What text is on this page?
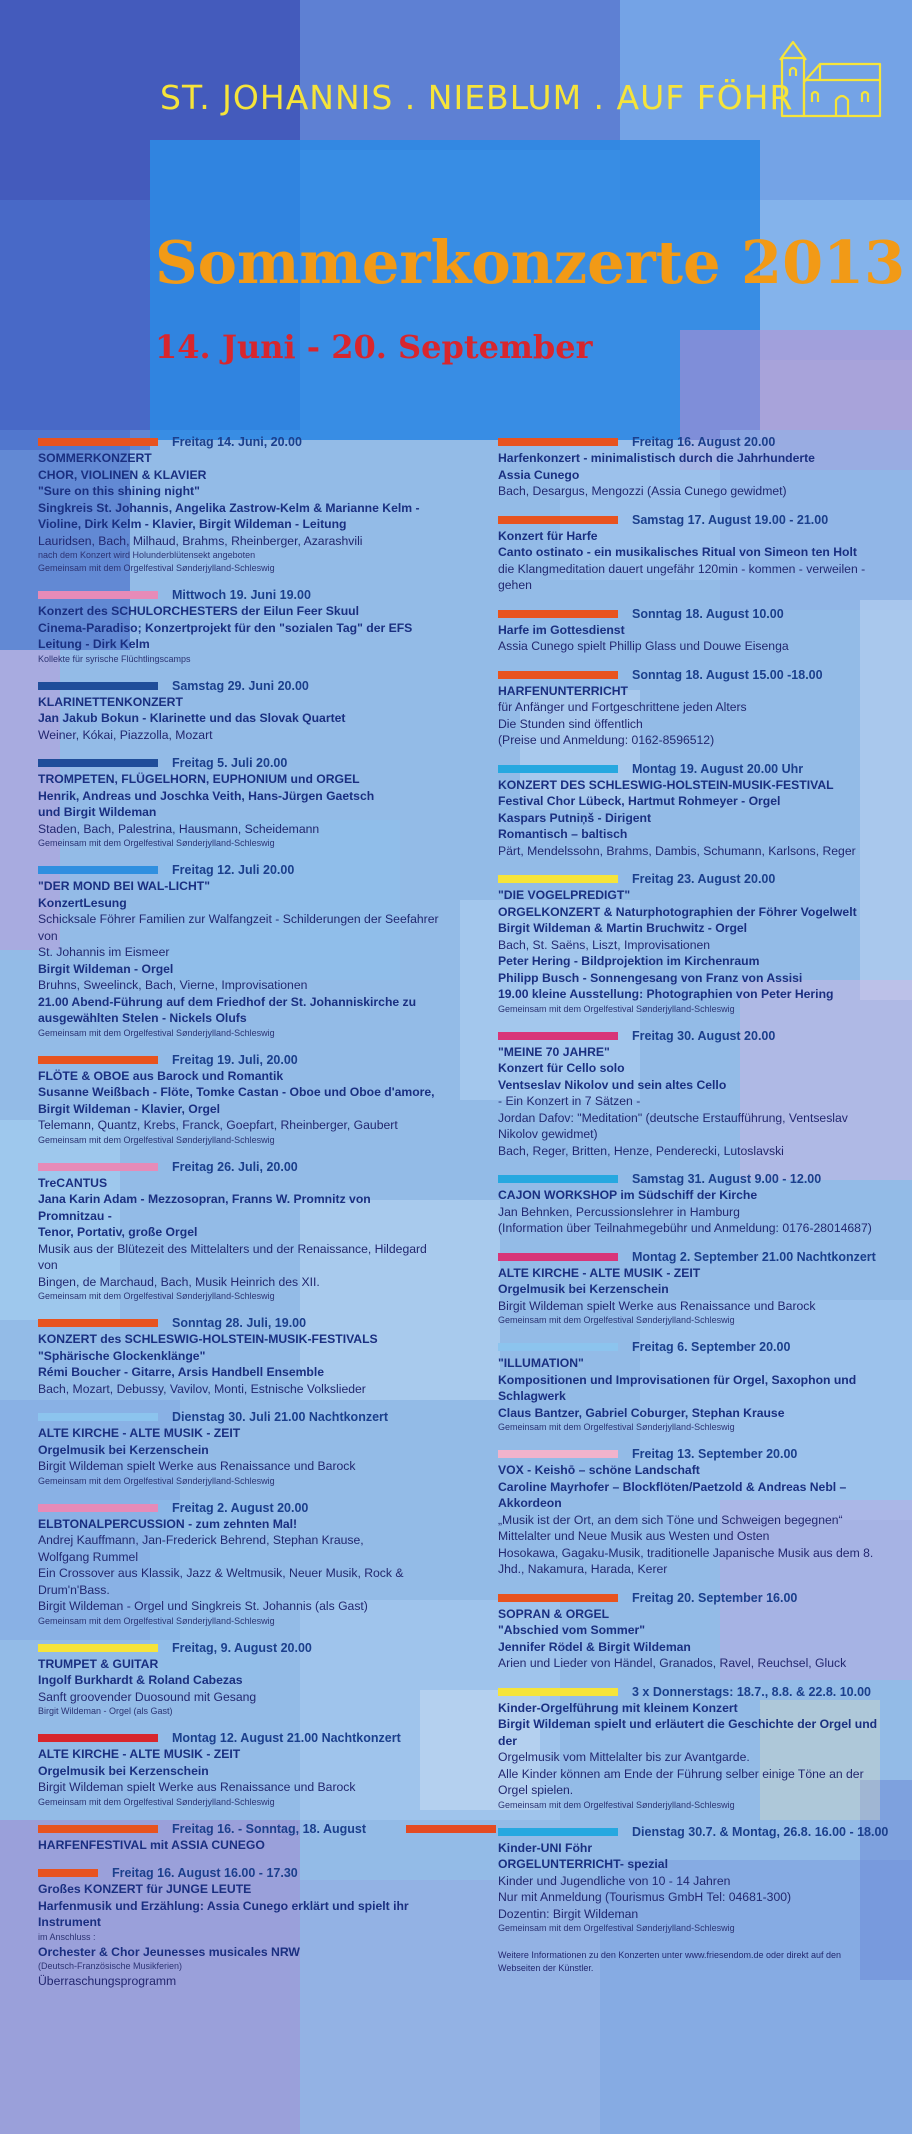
ST. JOHANNIS . NIEBLUM . AUF FÖHR
Sommerkonzerte 2013
14. Juni - 20. September
Freitag 14. Juni, 20.00
SOMMERKONZERT
CHOR, VIOLINEN & KLAVIER
"Sure on this shining night"
Singkreis St. Johannis, Angelika Zastrow-Kelm & Marianne Kelm -
Violine, Dirk Kelm - Klavier, Birgit Wildeman - Leitung
Lauridsen, Bach, Milhaud, Brahms, Rheinberger, Azarashvili
nach dem Konzert wird Holunderblütensekt angeboten
Gemeinsam mit dem Orgelfestival Sønderjylland-Schleswig
Mittwoch 19. Juni 19.00
Konzert des SCHULORCHESTERS der Eilun Feer Skuul
Cinema-Paradiso; Konzertprojekt für den "sozialen Tag" der EFS
Leitung - Dirk Kelm
Kollekte für syrische Flüchtlingscamps
Samstag 29. Juni 20.00
KLARINETTENKONZERT
Jan Jakub Bokun - Klarinette und das Slovak Quartet
Weiner, Kókai, Piazzolla, Mozart
Freitag 5. Juli 20.00
TROMPETEN, FLÜGELHORN, EUPHONIUM und ORGEL
Henrik, Andreas und Joschka Veith, Hans-Jürgen Gaetsch
und Birgit Wildeman
Staden, Bach, Palestrina, Hausmann, Scheidemann
Gemeinsam mit dem Orgelfestival Sønderjylland-Schleswig
Freitag 12. Juli 20.00
"DER MOND BEI WAL-LICHT"
KonzertLesung
Schicksale Föhrer Familien zur Walfangzeit - Schilderungen der Seefahrer von
St. Johannis im Eismeer
Birgit Wildeman - Orgel
Bruhns, Sweelinck, Bach, Vierne, Improvisationen
21.00 Abend-Führung auf dem Friedhof der St. Johanniskirche zu
ausgewählten Stelen - Nickels Olufs
Gemeinsam mit dem Orgelfestival Sønderjylland-Schleswig
Freitag 19. Juli, 20.00
FLÖTE & OBOE aus Barock und Romantik
Susanne Weißbach - Flöte, Tomke Castan - Oboe und Oboe d'amore,
Birgit Wildeman - Klavier, Orgel
Telemann, Quantz, Krebs, Franck, Goepfart, Rheinberger, Gaubert
Gemeinsam mit dem Orgelfestival Sønderjylland-Schleswig
Freitag 26. Juli, 20.00
TreCANTUS
Jana Karin Adam - Mezzosopran, Franns W. Promnitz von Promnitzau -
Tenor, Portativ, große Orgel
Musik aus der Blütezeit des Mittelalters und der Renaissance, Hildegard von
Bingen, de Marchaud, Bach, Musik Heinrich des XII.
Gemeinsam mit dem Orgelfestival Sønderjylland-Schleswig
Sonntag 28. Juli, 19.00
KONZERT des SCHLESWIG-HOLSTEIN-MUSIK-FESTIVALS
"Sphärische Glockenklänge"
Rémi Boucher - Gitarre, Arsis Handbell Ensemble
Bach, Mozart, Debussy, Vavilov, Monti, Estnische Volkslieder
Dienstag 30. Juli 21.00 Nachtkonzert
ALTE KIRCHE - ALTE MUSIK - ZEIT
Orgelmusik bei Kerzenschein
Birgit Wildeman spielt Werke aus Renaissance und Barock
Gemeinsam mit dem Orgelfestival Sønderjylland-Schleswig
Freitag 2. August 20.00
ELBTONALPERCUSSION - zum zehnten Mal!
Andrej Kauffmann, Jan-Frederick Behrend, Stephan Krause,
Wolfgang Rummel
Ein Crossover aus Klassik, Jazz & Weltmusik, Neuer Musik, Rock &
Drum'n'Bass.
Birgit Wildeman - Orgel und Singkreis St. Johannis (als Gast)
Gemeinsam mit dem Orgelfestival Sønderjylland-Schleswig
Freitag, 9. August 20.00
TRUMPET & GUITAR
Ingolf Burkhardt & Roland Cabezas
Sanft groovender Duosound mit Gesang
Birgit Wildeman - Orgel (als Gast)
Montag 12. August 21.00 Nachtkonzert
ALTE KIRCHE - ALTE MUSIK - ZEIT
Orgelmusik bei Kerzenschein
Birgit Wildeman spielt Werke aus Renaissance und Barock
Gemeinsam mit dem Orgelfestival Sønderjylland-Schleswig
Freitag 16. - Sonntag, 18. August
HARFENFESTIVAL mit ASSIA CUNEGO
Freitag 16. August 16.00 - 17.30
Großes KONZERT für JUNGE LEUTE
Harfenmusik und Erzählung: Assia Cunego erklärt und spielt ihr Instrument
im Anschluss :
Orchester & Chor Jeunesses musicales NRW
(Deutsch-Französische Musikferien)
Überraschungsprogramm
Freitag 16. August 20.00
Harfenkonzert - minimalistisch durch die Jahrhunderte
Assia Cunego
Bach, Desargus, Mengozzi (Assia Cunego gewidmet)
Samstag 17. August 19.00 - 21.00
Konzert für Harfe
Canto ostinato - ein musikalisches Ritual von Simeon ten Holt
die Klangmeditation dauert ungefähr 120min - kommen - verweilen - gehen
Sonntag 18. August 10.00
Harfe im Gottesdienst
Assia Cunego spielt Phillip Glass und Douwe Eisenga
Sonntag 18. August 15.00 -18.00
HARFENUNTERRICHT
für Anfänger und Fortgeschrittene jeden Alters
Die Stunden sind öffentlich
(Preise und Anmeldung: 0162-8596512)
Montag 19. August 20.00 Uhr
KONZERT DES SCHLESWIG-HOLSTEIN-MUSIK-FESTIVAL
Festival Chor Lübeck, Hartmut Rohmeyer - Orgel
Kaspars Putniņš - Dirigent
Romantisch – baltisch
Pärt, Mendelssohn, Brahms, Dambis, Schumann, Karlsons, Reger
Freitag 23. August 20.00
"DIE VOGELPREDIGT"
ORGELKONZERT & Naturphotographien der Föhrer Vogelwelt
Birgit Wildeman & Martin Bruchwitz - Orgel
Bach, St. Saëns, Liszt, Improvisationen
Peter Hering - Bildprojektion im Kirchenraum
Philipp Busch - Sonnengesang von Franz von Assisi
19.00 kleine Ausstellung: Photographien von Peter Hering
Gemeinsam mit dem Orgelfestival Sønderjylland-Schleswig
Freitag 30. August 20.00
"MEINE 70 JAHRE"
Konzert für Cello solo
Ventseslav Nikolov und sein altes Cello
- Ein Konzert in 7 Sätzen -
Jordan Dafov: "Meditation" (deutsche Erstaufführung, Ventseslav
Nikolov gewidmet)
Bach, Reger, Britten, Henze, Penderecki, Lutoslavski
Samstag 31. August 9.00 - 12.00
CAJON WORKSHOP im Südschiff der Kirche
Jan Behnken, Percussionslehrer in Hamburg
(Information über Teilnahmegebühr und Anmeldung: 0176-28014687)
Montag 2. September 21.00 Nachtkonzert
ALTE KIRCHE - ALTE MUSIK - ZEIT
Orgelmusik bei Kerzenschein
Birgit Wildeman spielt Werke aus Renaissance und Barock
Gemeinsam mit dem Orgelfestival Sønderjylland-Schleswig
Freitag 6. September 20.00
"ILLUMATION"
Kompositionen und Improvisationen für Orgel, Saxophon und
Schlagwerk
Claus Bantzer, Gabriel Coburger, Stephan Krause
Gemeinsam mit dem Orgelfestival Sønderjylland-Schleswig
Freitag 13. September 20.00
VOX - Keishō – schöne Landschaft
Caroline Mayrhofer – Blockflöten/Paetzold & Andreas Nebl –
Akkordeon
„Musik ist der Ort, an dem sich Töne und Schweigen begegnen“
Mittelalter und Neue Musik aus Westen und Osten
Hosokawa, Gagaku-Musik, traditionelle Japanische Musik aus dem 8.
Jhd., Nakamura, Harada, Kerer
Freitag 20. September 16.00
SOPRAN & ORGEL
"Abschied vom Sommer"
Jennifer Rödel & Birgit Wildeman
Arien und Lieder von Händel, Granados, Ravel, Reuchsel, Gluck
3 x Donnerstags: 18.7., 8.8. & 22.8. 10.00
Kinder-Orgelführung mit kleinem Konzert
Birgit Wildeman spielt und erläutert die Geschichte der Orgel und der
Orgelmusik vom Mittelalter bis zur Avantgarde.
Alle Kinder können am Ende der Führung selber einige Töne an der
Orgel spielen.
Gemeinsam mit dem Orgelfestival Sønderjylland-Schleswig
Dienstag 30.7. & Montag, 26.8. 16.00 - 18.00
Kinder-UNI Föhr
ORGELUNTERRICHT- spezial
Kinder und Jugendliche von 10 - 14 Jahren
Nur mit Anmeldung (Tourismus GmbH Tel: 04681-300)
Dozentin: Birgit Wildeman
Gemeinsam mit dem Orgelfestival Sønderjylland-Schleswig
Weitere Informationen zu den Konzerten unter www.friesendom.de oder direkt auf den
Webseiten der Künstler.
